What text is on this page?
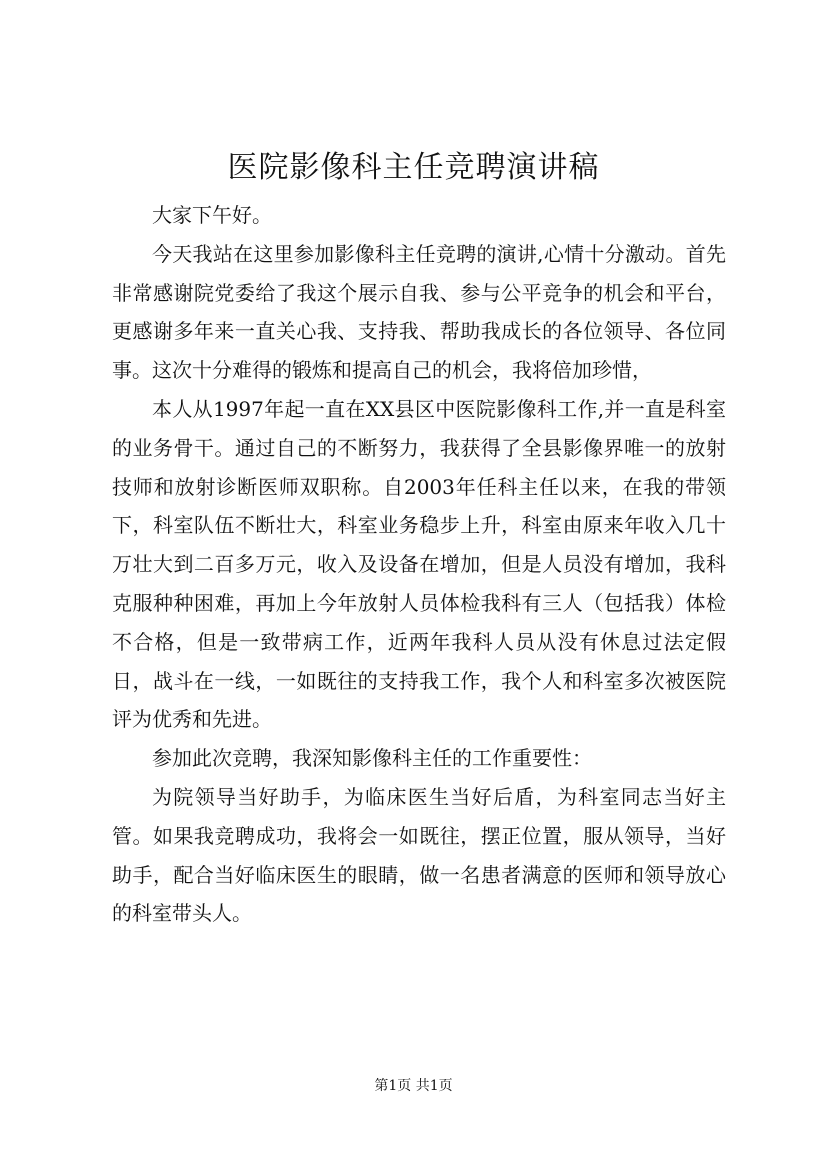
医院影像科主任竞聘演讲稿

大家下午好。

今天我站在这里参加影像科主任竞聘的演讲,心情十分激动。首先非常感谢院党委给了我这个展示自我、参与公平竞争的机会和平台，更感谢多年来一直关心我、支持我、帮助我成长的各位领导、各位同事。这次十分难得的锻炼和提高自己的机会，我将倍加珍惜，

本人从1997年起一直在XX县区中医院影像科工作,并一直是科室的业务骨干。通过自己的不断努力，我获得了全县影像界唯一的放射技师和放射诊断医师双职称。自2003年任科主任以来，在我的带领下，科室队伍不断壮大，科室业务稳步上升，科室由原来年收入几十万壮大到二百多万元，收入及设备在增加，但是人员没有增加，我科克服种种困难，再加上今年放射人员体检我科有三人（包括我）体检不合格，但是一致带病工作，近两年我科人员从没有休息过法定假日，战斗在一线，一如既往的支持我工作，我个人和科室多次被医院评为优秀和先进。

参加此次竞聘，我深知影像科主任的工作重要性：

为院领导当好助手，为临床医生当好后盾，为科室同志当好主管。如果我竞聘成功，我将会一如既往，摆正位置，服从领导，当好助手，配合当好临床医生的眼睛，做一名患者满意的医师和领导放心的科室带头人。

第1页 共1页
